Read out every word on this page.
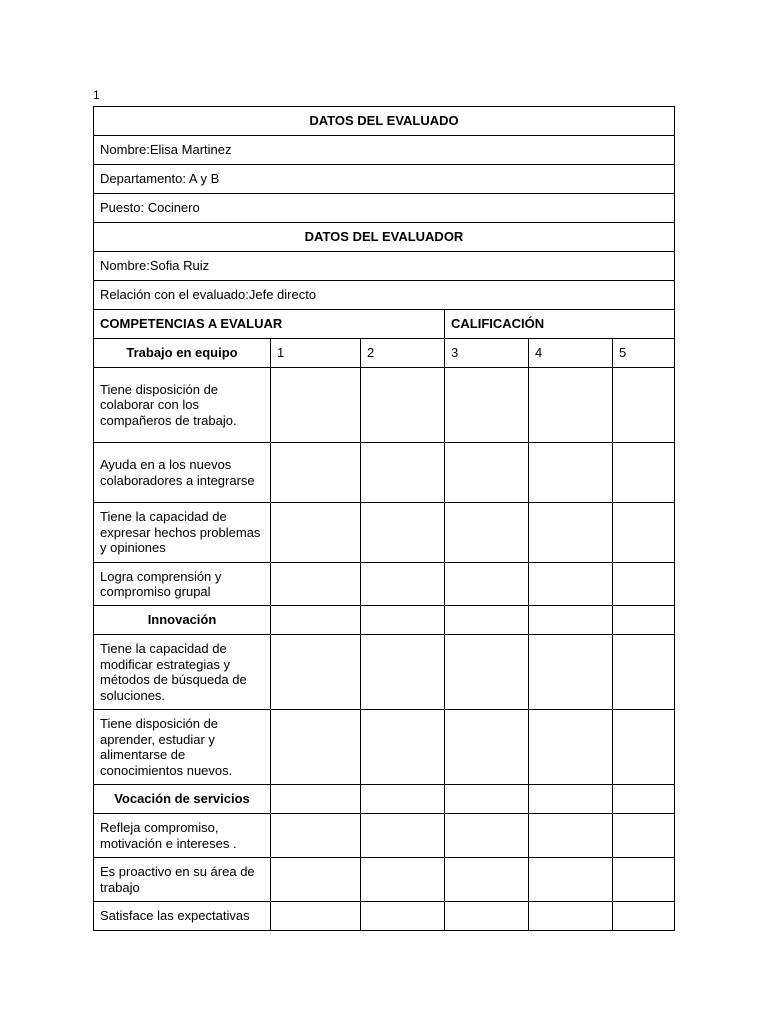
1
DATOS DEL EVALUADO					
Nombre:Elisa Martinez					
Departamento: A y B					
Puesto: Cocinero					
DATOS DEL EVALUADOR					
Nombre:Sofia Ruiz					
Relación con el evaluado:Jefe directo					
COMPETENCIAS A EVALUAR			CALIFICACIÓN		
Trabajo en equipo	1	2	3	4	5
Tiene disposición de colaborar con los compañeros de trabajo.					
Ayuda en a los nuevos colaboradores a integrarse					
Tiene la capacidad de expresar hechos problemas y opiniones					
Logra comprensión y compromiso grupal					
Innovación					
Tiene la capacidad de modificar estrategias y métodos de búsqueda de soluciones.					
Tiene disposición de aprender, estudiar y alimentarse de conocimientos nuevos.					
Vocación de servicios					
Refleja compromiso, motivación e intereses .					
Es proactivo en su área de trabajo					
Satisface las expectativas					
